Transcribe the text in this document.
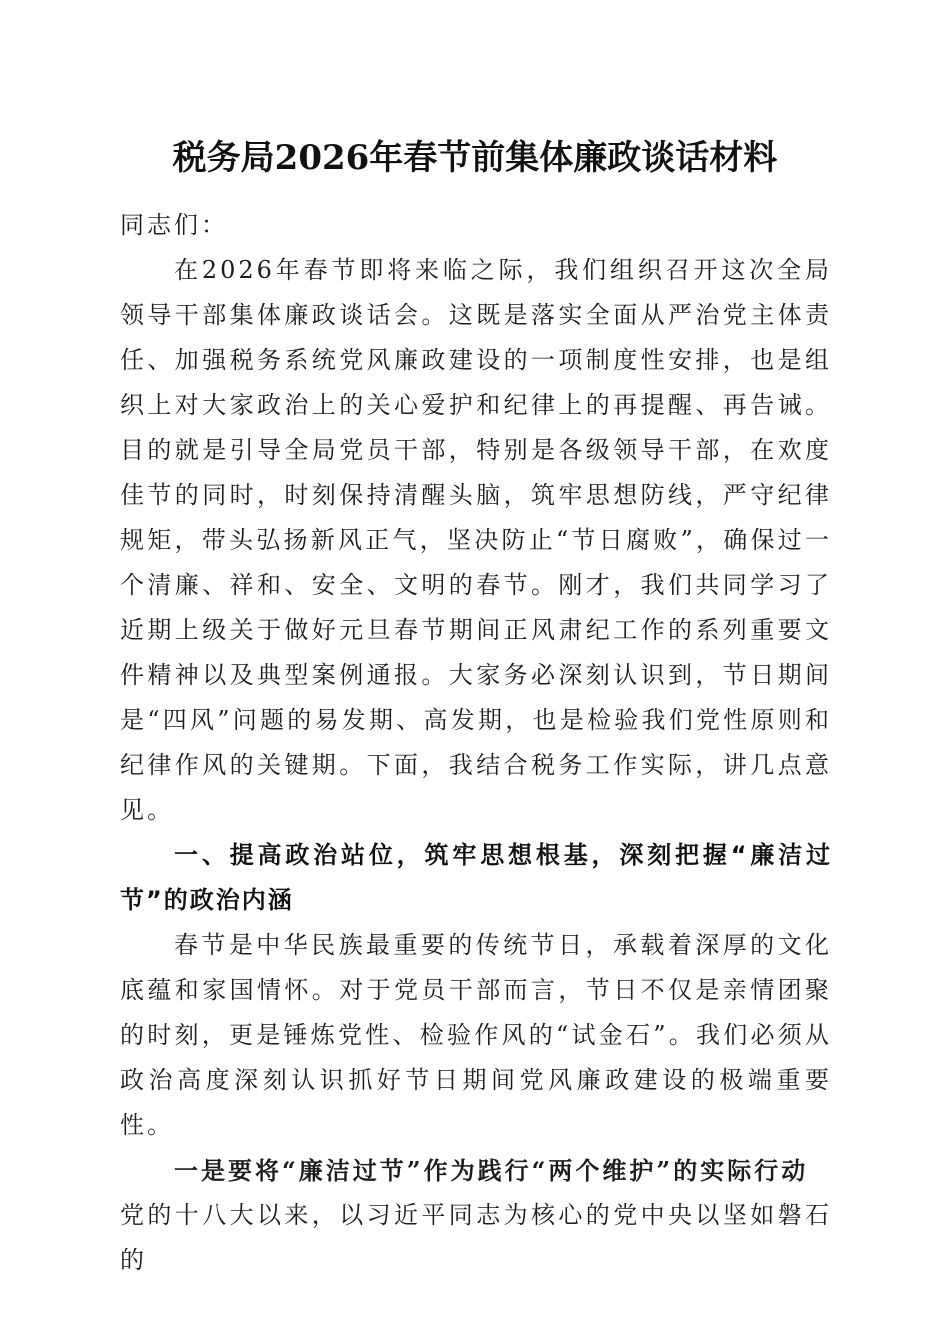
税务局2026年春节前集体廉政谈话材料

同志们：

在2026年春节即将来临之际，我们组织召开这次全局领导干部集体廉政谈话会。这既是落实全面从严治党主体责任、加强税务系统党风廉政建设的一项制度性安排，也是组织上对大家政治上的关心爱护和纪律上的再提醒、再告诫。目的就是引导全局党员干部，特别是各级领导干部，在欢度佳节的同时，时刻保持清醒头脑，筑牢思想防线，严守纪律规矩，带头弘扬新风正气，坚决防止“节日腐败”，确保过一个清廉、祥和、安全、文明的春节。刚才，我们共同学习了近期上级关于做好元旦春节期间正风肃纪工作的系列重要文件精神以及典型案例通报。大家务必深刻认识到，节日期间是“四风”问题的易发期、高发期，也是检验我们党性原则和纪律作风的关键期。下面，我结合税务工作实际，讲几点意见。

一、提高政治站位，筑牢思想根基，深刻把握“廉洁过节”的政治内涵

春节是中华民族最重要的传统节日，承载着深厚的文化底蕴和家国情怀。对于党员干部而言，节日不仅是亲情团聚的时刻，更是锤炼党性、检验作风的“试金石”。我们必须从政治高度深刻认识抓好节日期间党风廉政建设的极端重要性。

一是要将“廉洁过节”作为践行“两个维护”的实际行动

党的十八大以来，以习近平同志为核心的党中央以坚如磐石的
